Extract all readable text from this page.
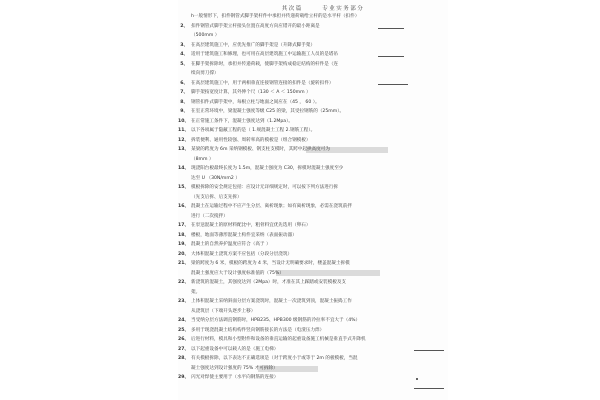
其次篇	专业实务部分
h一般情形下，扣件钢管式脚手架杆件中承担并传递荷载给立杆的是水平杆（扣件）
2、 扣件钢管式脚手架立杆接头位置在高度方向应错开的最小距离是
（500mm ）
3、 在高层建筑施工中，应优先推广的脚手架是（升降式脚手架）
4、 适用于建筑施工和修理，也可用在高层建筑施工中运输施工人员的是塔吊
5、 在脚手架拆除时，承担并传递荷载，使脚手架构成稳定结构的杆件是（连
续向剪刀撑）
6、 在高层建筑施工中，用于两相垂直连接钢管连接的扣件是（旋转扣件）
7、 脚手架按宽度计算，其外伸个尺（130 ＜ A ＜ 150mm ）
8、 钢管扣件式脚手架中，每根立柱与地面之间应在（45 ， 60 ）。
9、 在室正常环境中，梁混凝土强度等级 C25 的梁，其受拉钢筋的（25mm）。
10、 在正常施工条件下，混凝土强度达到（1.2Mpa）。
11、 以下各项属于隐蔽工程的是（ 1.规混凝土工程 2.钢筋工程）。
12、 拆装便利、通用性较强、周转率高的模板是（组合钢模板）
13、 某梁的跨度为 6m 采纳钢模板、钢支柱支模时，其跨中起拱高度可为
（8mm ）
14、 现浇阳台板最终长度为 1.5m，混凝土强度为 C30，拆模时混凝土强度至少
达至 U （30N/mm2 ）
15、 模板拆除的安全规定包括：应设计无详细规定时，可以按下列方法进行拆
（先支后拆、后支先拆）
16、 混凝土在运输过程中不应产生分层、离析现象；如有离析现象，必需在浇筑前拌
进行（二次搅拌）
17、 在泵送混凝土的原材料配比中，粗骨料宜优先选用（卵石）
18、 楼板，地面等薄形混凝土构件宜采纳（表面振动器）
19、 混凝土的自然养护温度应符合（高于 ）
20、 大体积混凝土浇筑方案不应包括（分段分层浇筑）
21、 梁的跨度为 6 米，模板的跨度为 4 米，当设计无明确要求时，楼盖混凝土拆模
混凝土强度应大于设计强度标准值的（75%）
22、 新浇筑的混凝土，其强度达到（2Mpa）时，才准在其上踩踏或安装模板及支
架。
23、 上体积混凝土采纳斜面分层方案浇筑时，混凝土一次浇筑到顶，混凝土振捣工作
从浇筑层（下端开头逐步上移）
24、 当受纳分层方法调直钢筋时，HPB235、HPB300 级钢筋的冷拉率不宜大于（4%）
25、 多用于现浇混凝土结构构件竖向钢筋接长的方法是（电渣压力焊）
26、 后进行材料，模具和小型附件和设备的垂直运输的起重设备施工机械是垂直手式升降机
27、 以下起重设备中可以载人的是（施工电梯）
28、 有关模板拆除，以下表达不正确选项是（对于跨度小于或等于 2m 的板模板，当混
凝土强度达到设计强度的 75% 才可拆除）
29、 闪光对焊使主要用于（水平向钢筋的连接）
